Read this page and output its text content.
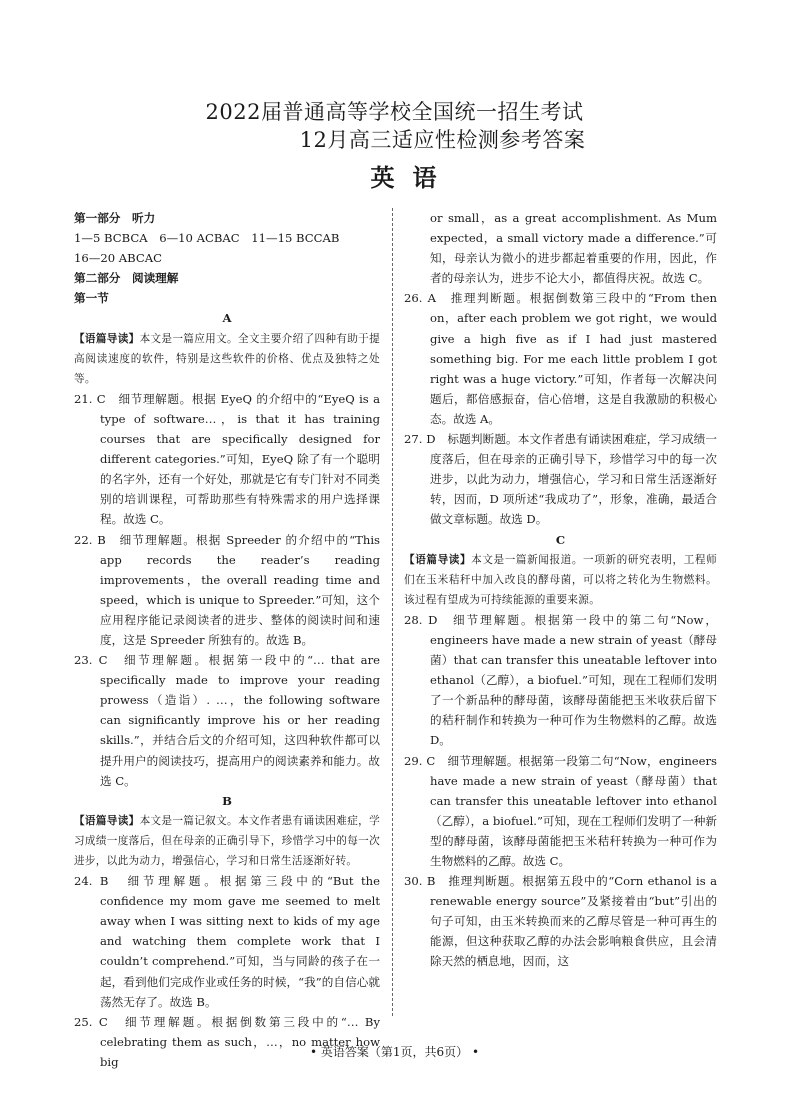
2022届普通高等学校全国统一招生考试
12月高三适应性检测参考答案
英语

第一部分　听力

1—5 BCBCA　6—10 ACBAC　11—15 BCCAB

16—20 ABCAC

第二部分　阅读理解

第一节

A

【语篇导读】本文是一篇应用文。全文主要介绍了四种有助于提高阅读速度的软件，特别是这些软件的价格、优点及独特之处等。

21. C　细节理解题。根据 EyeQ 的介绍中的“EyeQ is a type of software…，is that it has training courses that are specifically designed for different categories.”可知，EyeQ 除了有一个聪明的名字外，还有一个好处，那就是它有专门针对不同类别的培训课程，可帮助那些有特殊需求的用户选择课程。故选 C。

22. B　细节理解题。根据 Spreeder 的介绍中的“This app records the reader’s reading improvements，the overall reading time and speed，which is unique to Spreeder.”可知，这个应用程序能记录阅读者的进步、整体的阅读时间和速度，这是 Spreeder 所独有的。故选 B。

23. C　细节理解题。根据第一段中的“… that are specifically made to improve your reading prowess（造诣）. …，the following software can significantly improve his or her reading skills.”，并结合后文的介绍可知，这四种软件都可以提升用户的阅读技巧，提高用户的阅读素养和能力。故选 C。

B

【语篇导读】本文是一篇记叙文。本文作者患有诵读困难症，学习成绩一度落后，但在母亲的正确引导下，珍惜学习中的每一次进步，以此为动力，增强信心，学习和日常生活逐渐好转。

24. B　细节理解题。根据第三段中的“But the confidence my mom gave me seemed to melt away when I was sitting next to kids of my age and watching them complete work that I couldn’t comprehend.”可知，当与同龄的孩子在一起，看到他们完成作业或任务的时候，“我”的自信心就荡然无存了。故选 B。

25. C　细节理解题。根据倒数第三段中的“… By celebrating them as such，…，no matter how big

or small，as a great accomplishment. As Mum expected，a small victory made a difference.”可知，母亲认为微小的进步都起着重要的作用，因此，作者的母亲认为，进步不论大小，都值得庆祝。故选 C。

26. A　推理判断题。根据倒数第三段中的“From then on，after each problem we got right，we would give a high five as if I had just mastered something big. For me each little problem I got right was a huge victory.”可知，作者每一次解决问题后，都倍感振奋，信心倍增，这是自我激励的积极心态。故选 A。

27. D　标题判断题。本文作者患有诵读困难症，学习成绩一度落后，但在母亲的正确引导下，珍惜学习中的每一次进步，以此为动力，增强信心，学习和日常生活逐渐好转，因而，D 项所述“我成功了”，形象，准确，最适合做文章标题。故选 D。

C

【语篇导读】本文是一篇新闻报道。一项新的研究表明，工程师们在玉米秸秆中加入改良的酵母菌，可以将之转化为生物燃料。该过程有望成为可持续能源的重要来源。

28. D　细节理解题。根据第一段中的第二句“Now，engineers have made a new strain of yeast（酵母菌）that can transfer this uneatable leftover into ethanol（乙醇），a biofuel.”可知，现在工程师们发明了一个新品种的酵母菌，该酵母菌能把玉米收获后留下的秸秆制作和转换为一种可作为生物燃料的乙醇。故选 D。

29. C　细节理解题。根据第一段第二句“Now，engineers have made a new strain of yeast（酵母菌）that can transfer this uneatable leftover into ethanol（乙醇），a biofuel.”可知，现在工程师们发明了一种新型的酵母菌，该酵母菌能把玉米秸秆转换为一种可作为生物燃料的乙醇。故选 C。

30. B　推理判断题。根据第五段中的“Corn ethanol is a renewable energy source”及紧接着由“but”引出的句子可知，由玉米转换而来的乙醇尽管是一种可再生的能源，但这种获取乙醇的办法会影响粮食供应，且会清除天然的栖息地，因而，这

• 英语答案（第1页，共6页） •
